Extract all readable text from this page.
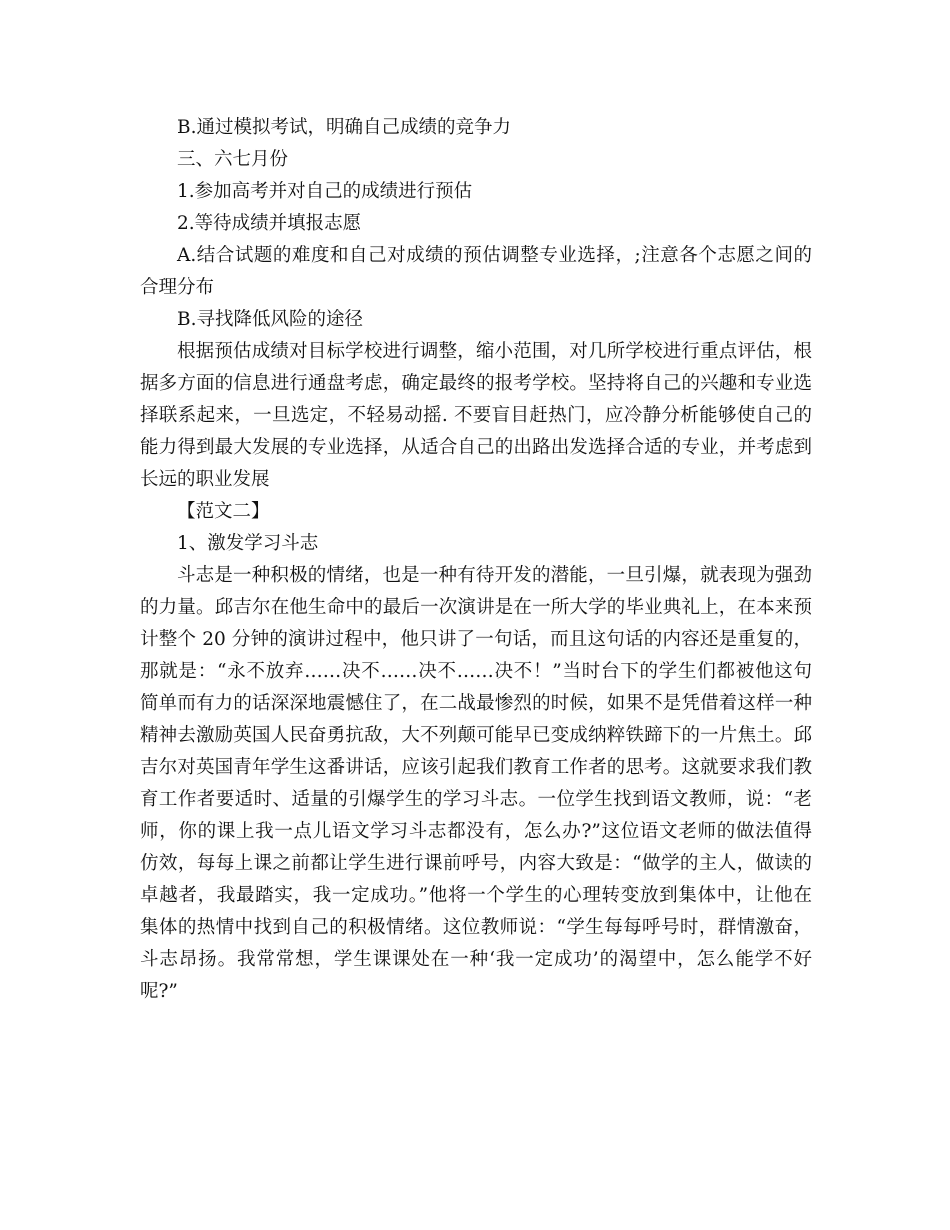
B.通过模拟考试，明确自己成绩的竞争力

三、六七月份

1.参加高考并对自己的成绩进行预估

2.等待成绩并填报志愿

A.结合试题的难度和自己对成绩的预估调整专业选择，;注意各个志愿之间的
合理分布

B.寻找降低风险的途径

根据预估成绩对目标学校进行调整，缩小范围，对几所学校进行重点评估，根
据多方面的信息进行通盘考虑，确定最终的报考学校。坚持将自己的兴趣和专业选
择联系起来，一旦选定，不轻易动摇. 不要盲目赶热门，应冷静分析能够使自己的
能力得到最大发展的专业选择，从适合自己的出路出发选择合适的专业，并考虑到
长远的职业发展

【范文二】

1、激发学习斗志

斗志是一种积极的情绪，也是一种有待开发的潜能，一旦引爆，就表现为强劲
的力量。邱吉尔在他生命中的最后一次演讲是在一所大学的毕业典礼上，在本来预
计整个 20 分钟的演讲过程中，他只讲了一句话，而且这句话的内容还是重复的，
那就是：“永不放弃……决不……决不……决不！”当时台下的学生们都被他这句
简单而有力的话深深地震憾住了，在二战最惨烈的时候，如果不是凭借着这样一种
精神去激励英国人民奋勇抗敌，大不列颠可能早已变成纳粹铁蹄下的一片焦土。邱
吉尔对英国青年学生这番讲话，应该引起我们教育工作者的思考。这就要求我们教
育工作者要适时、适量的引爆学生的学习斗志。一位学生找到语文教师，说：“老
师，你的课上我一点儿语文学习斗志都没有，怎么办?”这位语文老师的做法值得
仿效，每每上课之前都让学生进行课前呼号，内容大致是：“做学的主人，做读的
卓越者，我最踏实，我一定成功。”他将一个学生的心理转变放到集体中，让他在
集体的热情中找到自己的积极情绪。这位教师说：“学生每每呼号时，群情激奋，
斗志昂扬。我常常想，学生课课处在一种‘我一定成功’的渴望中，怎么能学不好
呢?”
